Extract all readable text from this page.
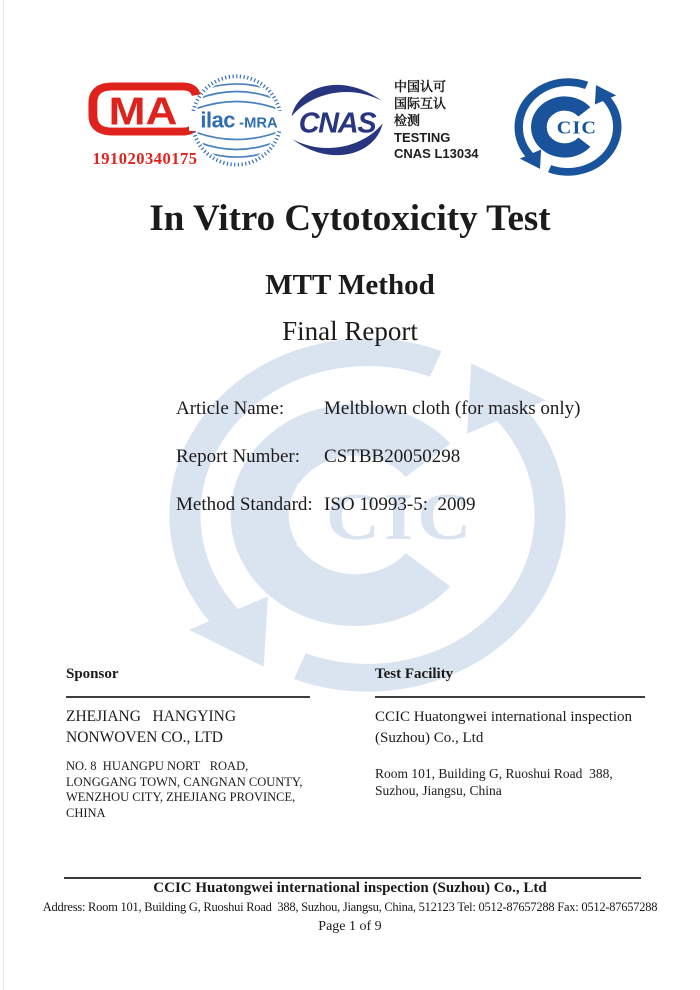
MA
191020340175
ilac -MRA CNAS
中国认可
国际互认
检测
TESTING
CNAS L13034
In Vitro Cytotoxicity Test
MTT Method
Final Report
Article Name:	Meltblown cloth (for masks only)
Report Number:	CSTBB20050298
Method Standard: ISO 10993-5:  2009
Sponsor
ZHEJIANG   HANGYING
NONWOVEN CO., LTD
NO. 8  HUANGPU NORT   ROAD,
LONGGANG TOWN, CANGNAN COUNTY,
WENZHOU CITY, ZHEJIANG PROVINCE,
CHINA
Test Facility
CCIC Huatongwei international inspection
(Suzhou) Co., Ltd
Room 101, Building G, Ruoshui Road  388,
Suzhou, Jiangsu, China
CCIC Huatongwei international inspection (Suzhou) Co., Ltd
Address: Room 101, Building G, Ruoshui Road  388, Suzhou, Jiangsu, China, 512123 Tel: 0512-87657288 Fax: 0512-87657288
Page 1 of 9
